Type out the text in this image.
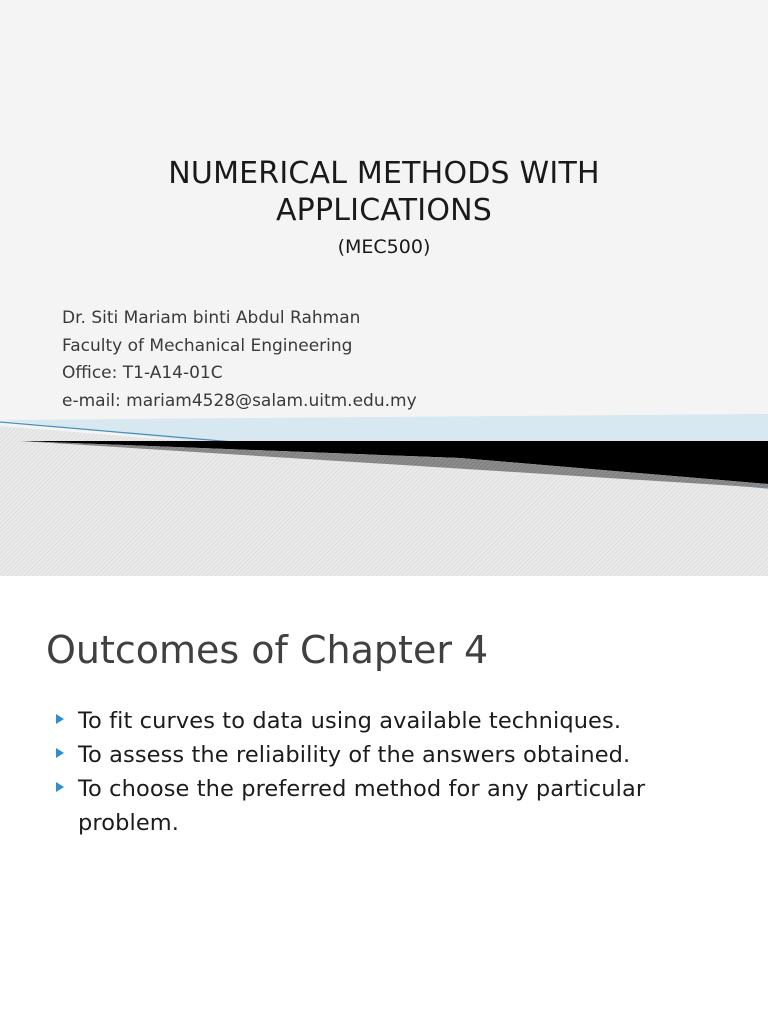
NUMERICAL METHODS WITH
APPLICATIONS
(MEC500)
Dr. Siti Mariam binti Abdul Rahman
Faculty of Mechanical Engineering
Office: T1-A14-01C
e-mail: mariam4528@salam.uitm.edu.my
Outcomes of Chapter 4
To fit curves to data using available techniques.
To assess the reliability of the answers obtained.
To choose the preferred method for any particular problem.
